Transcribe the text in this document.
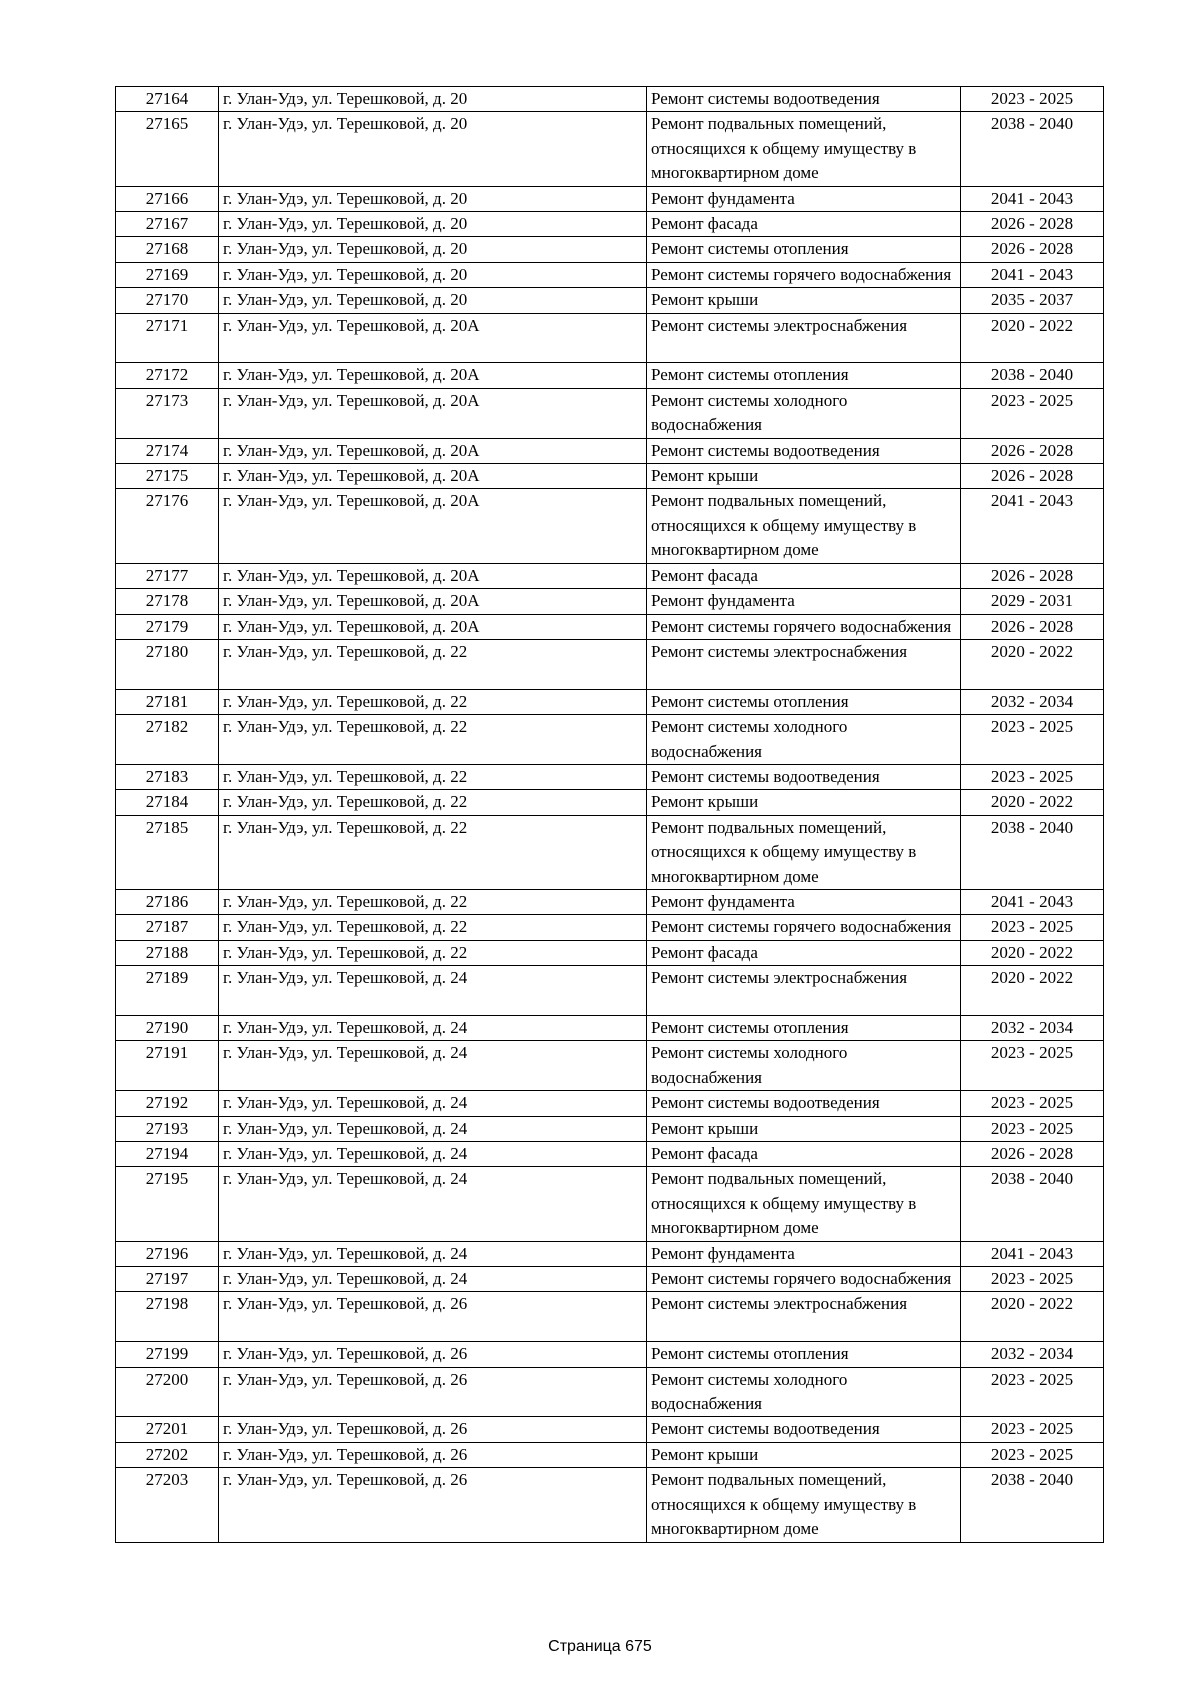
27164	г. Улан-Удэ, ул. Терешковой, д. 20	Ремонт системы водоотведения	2023 - 2025
27165	г. Улан-Удэ, ул. Терешковой, д. 20	Ремонт подвальных помещений, относящихся к общему имуществу в многоквартирном доме	2038 - 2040
27166	г. Улан-Удэ, ул. Терешковой, д. 20	Ремонт фундамента	2041 - 2043
27167	г. Улан-Удэ, ул. Терешковой, д. 20	Ремонт фасада	2026 - 2028
27168	г. Улан-Удэ, ул. Терешковой, д. 20	Ремонт системы отопления	2026 - 2028
27169	г. Улан-Удэ, ул. Терешковой, д. 20	Ремонт системы горячего водоснабжения	2041 - 2043
27170	г. Улан-Удэ, ул. Терешковой, д. 20	Ремонт крыши	2035 - 2037
27171	г. Улан-Удэ, ул. Терешковой, д. 20А	Ремонт системы электроснабжения	2020 - 2022
27172	г. Улан-Удэ, ул. Терешковой, д. 20А	Ремонт системы отопления	2038 - 2040
27173	г. Улан-Удэ, ул. Терешковой, д. 20А	Ремонт системы холодного водоснабжения	2023 - 2025
27174	г. Улан-Удэ, ул. Терешковой, д. 20А	Ремонт системы водоотведения	2026 - 2028
27175	г. Улан-Удэ, ул. Терешковой, д. 20А	Ремонт крыши	2026 - 2028
27176	г. Улан-Удэ, ул. Терешковой, д. 20А	Ремонт подвальных помещений, относящихся к общему имуществу в многоквартирном доме	2041 - 2043
27177	г. Улан-Удэ, ул. Терешковой, д. 20А	Ремонт фасада	2026 - 2028
27178	г. Улан-Удэ, ул. Терешковой, д. 20А	Ремонт фундамента	2029 - 2031
27179	г. Улан-Удэ, ул. Терешковой, д. 20А	Ремонт системы горячего водоснабжения	2026 - 2028
27180	г. Улан-Удэ, ул. Терешковой, д. 22	Ремонт системы электроснабжения	2020 - 2022
27181	г. Улан-Удэ, ул. Терешковой, д. 22	Ремонт системы отопления	2032 - 2034
27182	г. Улан-Удэ, ул. Терешковой, д. 22	Ремонт системы холодного водоснабжения	2023 - 2025
27183	г. Улан-Удэ, ул. Терешковой, д. 22	Ремонт системы водоотведения	2023 - 2025
27184	г. Улан-Удэ, ул. Терешковой, д. 22	Ремонт крыши	2020 - 2022
27185	г. Улан-Удэ, ул. Терешковой, д. 22	Ремонт подвальных помещений, относящихся к общему имуществу в многоквартирном доме	2038 - 2040
27186	г. Улан-Удэ, ул. Терешковой, д. 22	Ремонт фундамента	2041 - 2043
27187	г. Улан-Удэ, ул. Терешковой, д. 22	Ремонт системы горячего водоснабжения	2023 - 2025
27188	г. Улан-Удэ, ул. Терешковой, д. 22	Ремонт фасада	2020 - 2022
27189	г. Улан-Удэ, ул. Терешковой, д. 24	Ремонт системы электроснабжения	2020 - 2022
27190	г. Улан-Удэ, ул. Терешковой, д. 24	Ремонт системы отопления	2032 - 2034
27191	г. Улан-Удэ, ул. Терешковой, д. 24	Ремонт системы холодного водоснабжения	2023 - 2025
27192	г. Улан-Удэ, ул. Терешковой, д. 24	Ремонт системы водоотведения	2023 - 2025
27193	г. Улан-Удэ, ул. Терешковой, д. 24	Ремонт крыши	2023 - 2025
27194	г. Улан-Удэ, ул. Терешковой, д. 24	Ремонт фасада	2026 - 2028
27195	г. Улан-Удэ, ул. Терешковой, д. 24	Ремонт подвальных помещений, относящихся к общему имуществу в многоквартирном доме	2038 - 2040
27196	г. Улан-Удэ, ул. Терешковой, д. 24	Ремонт фундамента	2041 - 2043
27197	г. Улан-Удэ, ул. Терешковой, д. 24	Ремонт системы горячего водоснабжения	2023 - 2025
27198	г. Улан-Удэ, ул. Терешковой, д. 26	Ремонт системы электроснабжения	2020 - 2022
27199	г. Улан-Удэ, ул. Терешковой, д. 26	Ремонт системы отопления	2032 - 2034
27200	г. Улан-Удэ, ул. Терешковой, д. 26	Ремонт системы холодного водоснабжения	2023 - 2025
27201	г. Улан-Удэ, ул. Терешковой, д. 26	Ремонт системы водоотведения	2023 - 2025
27202	г. Улан-Удэ, ул. Терешковой, д. 26	Ремонт крыши	2023 - 2025
27203	г. Улан-Удэ, ул. Терешковой, д. 26	Ремонт подвальных помещений, относящихся к общему имуществу в многоквартирном доме	2038 - 2040
Страница 675
